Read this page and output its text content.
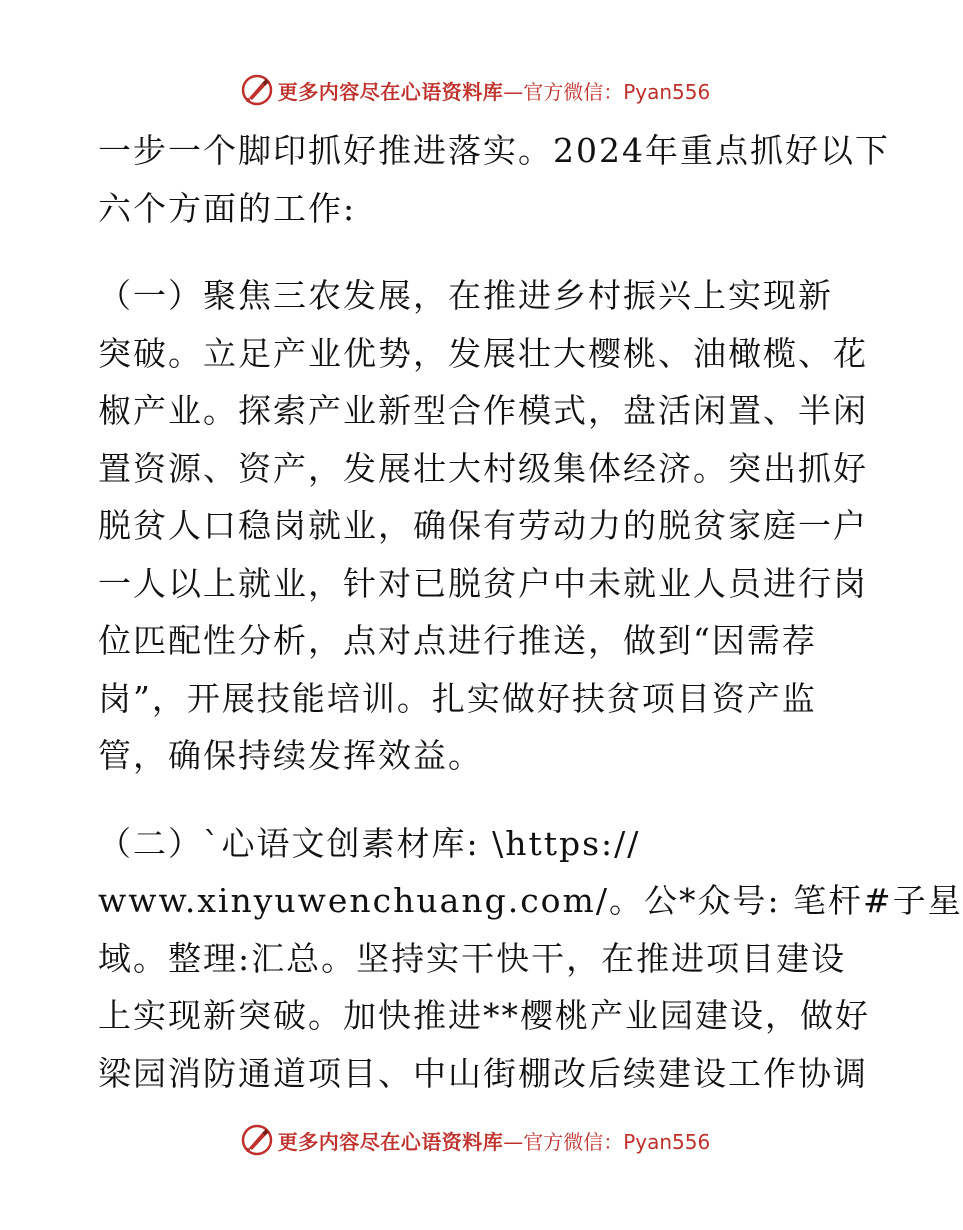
更多内容尽在心语资料库 —官方微信：Pyan556
一步一个脚印抓好推进落实。2024年重点抓好以下
六个方面的工作:
（一）聚焦三农发展，在推进乡村振兴上实现新
突破。立足产业优势，发展壮大樱桃、油橄榄、花
椒产业。探索产业新型合作模式，盘活闲置、半闲
置资源、资产，发展壮大村级集体经济。突出抓好
脱贫人口稳岗就业，确保有劳动力的脱贫家庭一户
一人以上就业，针对已脱贫户中未就业人员进行岗
位匹配性分析，点对点进行推送，做到“因需荐
岗”，开展技能培训。扎实做好扶贫项目资产监
管，确保持续发挥效益。
（二）`心语文创素材库: \https://
www.xinyuwenchuang.com/。公*众号: 笔杆#子星
域。整理:汇总。坚持实干快干，在推进项目建设
上实现新突破。加快推进**樱桃产业园建设，做好
梁园消防通道项目、中山街棚改后续建设工作协调
更多内容尽在心语资料库 —官方微信：Pyan556
